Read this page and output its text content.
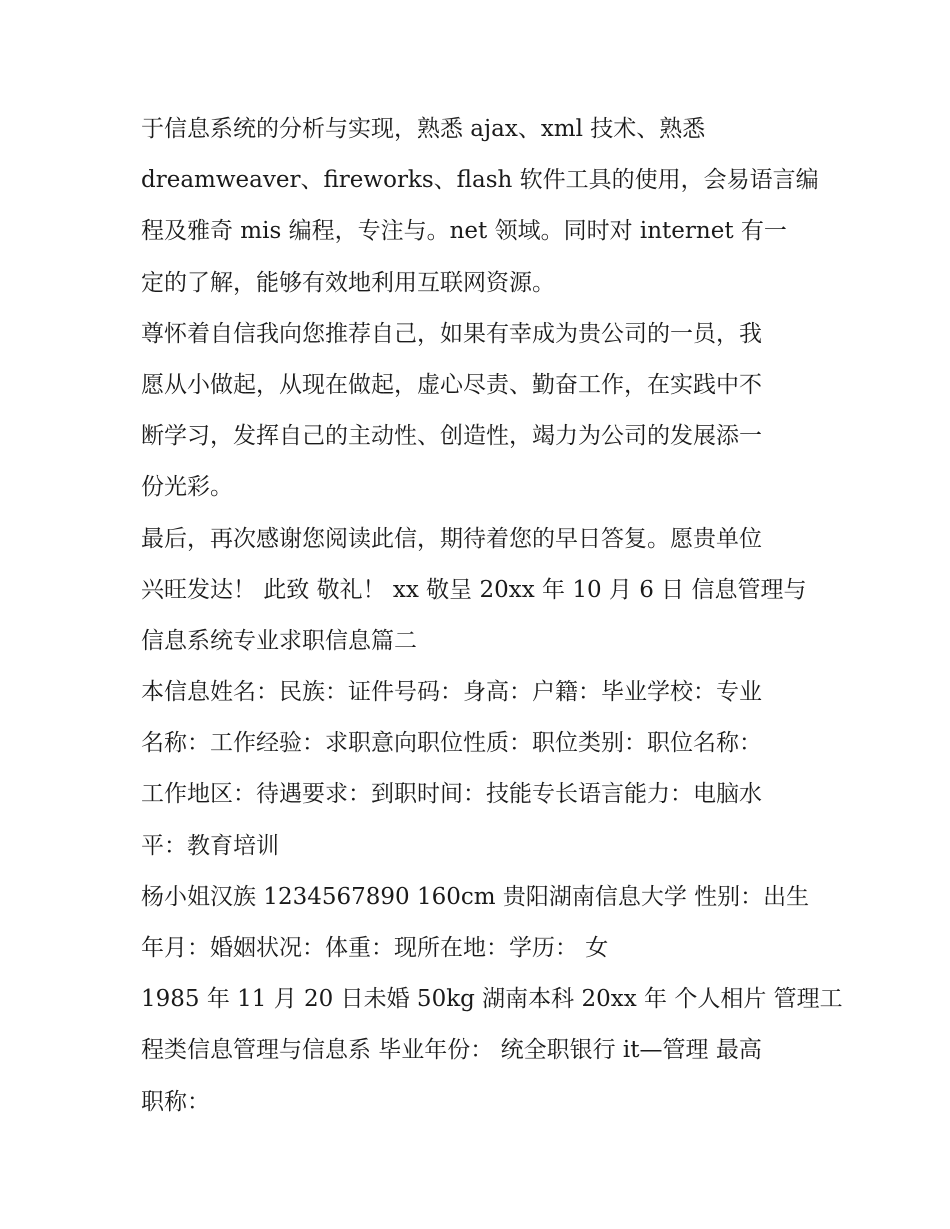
于信息系统的分析与实现，熟悉 ajax、xml 技术、熟悉
dreamweaver、fireworks、flash 软件工具的使用，会易语言编
程及雅奇 mis 编程，专注与。net 领域。同时对 internet 有一
定的了解，能够有效地利用互联网资源。
尊怀着自信我向您推荐自己，如果有幸成为贵公司的一员，我
愿从小做起，从现在做起，虚心尽责、勤奋工作，在实践中不
断学习，发挥自己的主动性、创造性，竭力为公司的发展添一
份光彩。
最后，再次感谢您阅读此信，期待着您的早日答复。愿贵单位
兴旺发达！ 此致 敬礼！ xx 敬呈 20xx 年 10 月 6 日 信息管理与
信息系统专业求职信息篇二
本信息姓名：民族：证件号码：身高：户籍：毕业学校：专业
名称：工作经验：求职意向职位性质：职位类别：职位名称：
工作地区：待遇要求：到职时间：技能专长语言能力：电脑水
平：教育培训
杨小姐汉族 1234567890 160cm 贵阳湖南信息大学 性别：出生
年月：婚姻状况：体重：现所在地：学历： 女
1985 年 11 月 20 日未婚 50kg 湖南本科 20xx 年 个人相片 管理工
程类信息管理与信息系 毕业年份： 统全职银行 it—管理 最高
职称：
